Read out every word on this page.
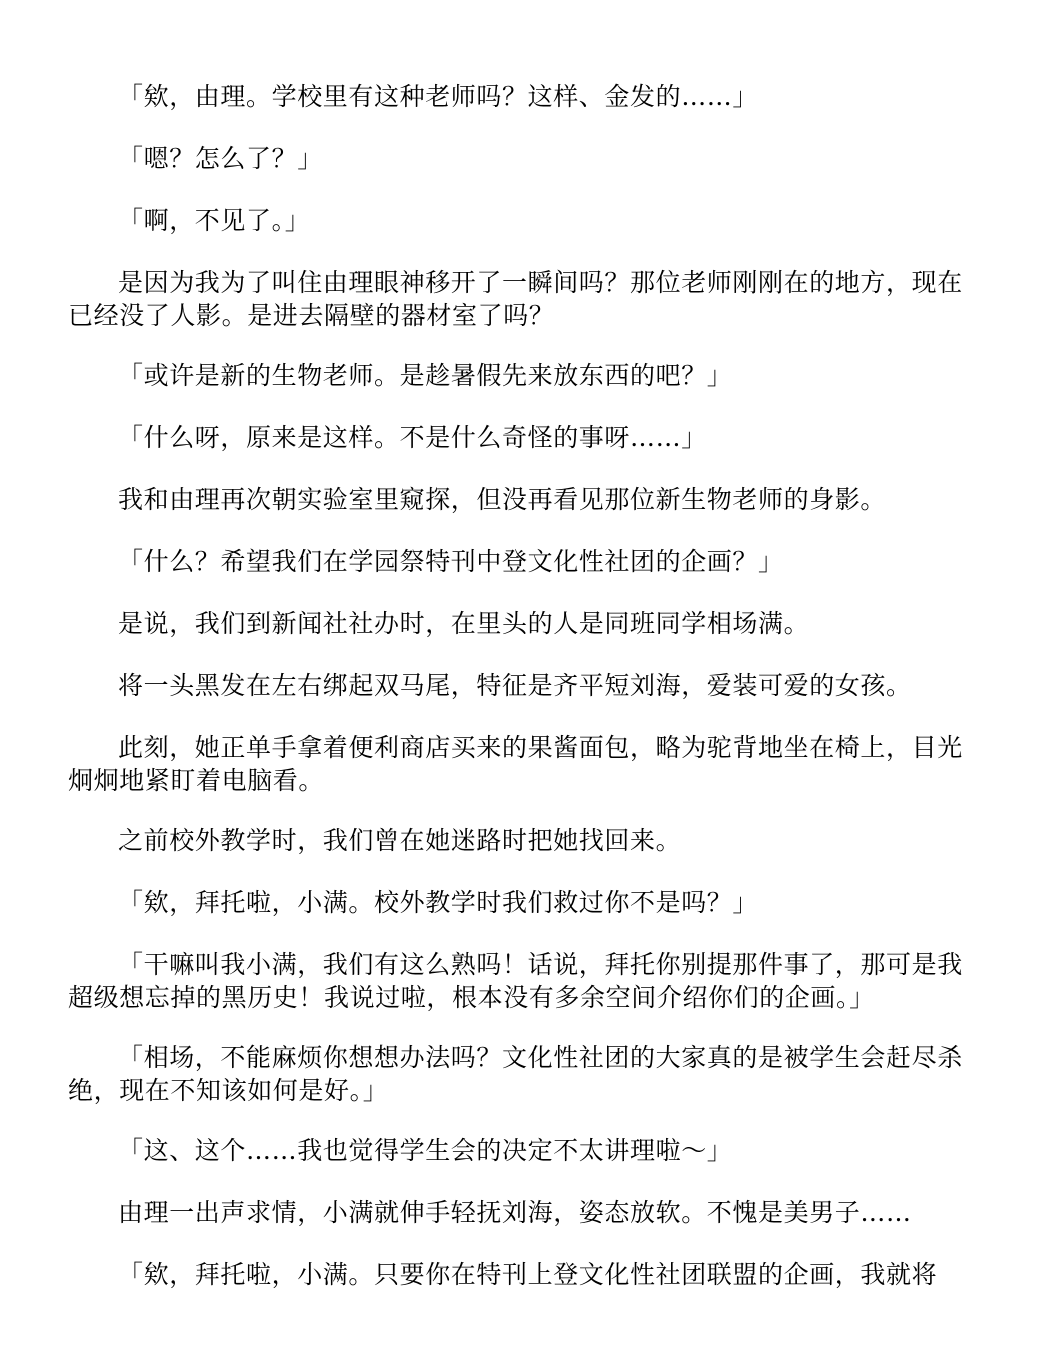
「欸，由理。学校里有这种老师吗？这样、金发的……」

「嗯？怎么了？」

「啊，不见了。」

是因为我为了叫住由理眼神移开了一瞬间吗？那位老师刚刚在的地方，现在已经没了人影。是进去隔壁的器材室了吗？

「或许是新的生物老师。是趁暑假先来放东西的吧？」

「什么呀，原来是这样。不是什么奇怪的事呀……」

我和由理再次朝实验室里窥探，但没再看见那位新生物老师的身影。

「什么？希望我们在学园祭特刊中登文化性社团的企画？」

是说，我们到新闻社社办时，在里头的人是同班同学相场满。

将一头黑发在左右绑起双马尾，特征是齐平短刘海，爱装可爱的女孩。

此刻，她正单手拿着便利商店买来的果酱面包，略为驼背地坐在椅上，目光炯炯地紧盯着电脑看。

之前校外教学时，我们曾在她迷路时把她找回来。

「欸，拜托啦，小满。校外教学时我们救过你不是吗？」

「干嘛叫我小满，我们有这么熟吗！话说，拜托你别提那件事了，那可是我超级想忘掉的黑历史！我说过啦，根本没有多余空间介绍你们的企画。」

「相场，不能麻烦你想想办法吗？文化性社团的大家真的是被学生会赶尽杀绝，现在不知该如何是好。」

「这、这个……我也觉得学生会的决定不太讲理啦～」

由理一出声求情，小满就伸手轻抚刘海，姿态放软。不愧是美男子……

「欸，拜托啦，小满。只要你在特刊上登文化性社团联盟的企画，我就将
